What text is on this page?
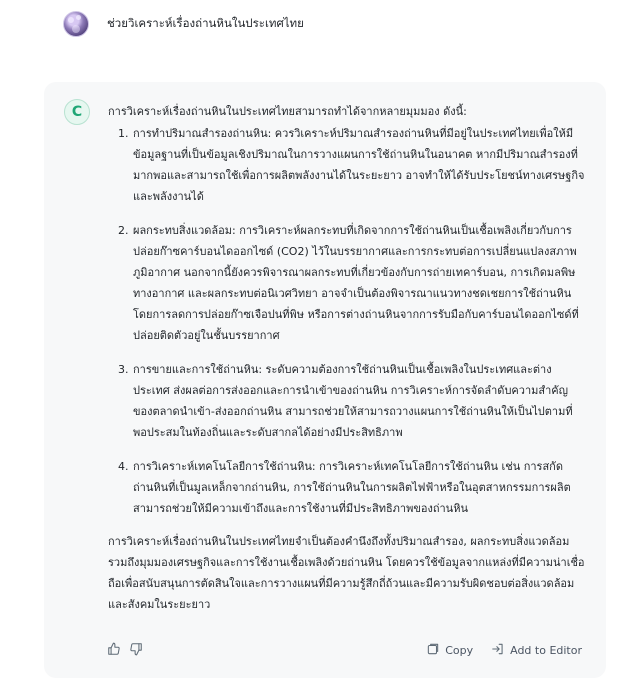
ช่วยวิเคราะห์เรื่องถ่านหินในประเทศไทย
C การวิเคราะห์เรื่องถ่านหินในประเทศไทยสามารถทำได้จากหลายมุมมอง ดังนี้:

1. การทำปริมาณสำรองถ่านหิน: ควรวิเคราะห์ปริมาณสำรองถ่านหินที่มีอยู่ในประเทศไทยเพื่อให้มีข้อมูลฐานที่เป็นข้อมูลเชิงปริมาณในการวางแผนการใช้ถ่านหินในอนาคต หากมีปริมาณสำรองที่มากพอและสามารถใช้เพื่อการผลิตพลังงานได้ในระยะยาว อาจทำให้ได้รับประโยชน์ทางเศรษฐกิจและพลังงานได้
2. ผลกระทบสิ่งแวดล้อม: การวิเคราะห์ผลกระทบที่เกิดจากการใช้ถ่านหินเป็นเชื้อเพลิงเกี่ยวกับการปล่อยก๊าซคาร์บอนไดออกไซด์ (CO2) ไว้ในบรรยากาศและการกระทบต่อการเปลี่ยนแปลงสภาพภูมิอากาศ นอกจากนี้ยังควรพิจารณาผลกระทบที่เกี่ยวข้องกับการถ่ายเทคาร์บอน, การเกิดมลพิษทางอากาศ และผลกระทบต่อนิเวศวิทยา อาจจำเป็นต้องพิจารณาแนวทางชดเชยการใช้ถ่านหินโดยการลดการปล่อยก๊าซเจือปนที่พิษ หรือการต่างถ่านหินจากการรับมือกับคาร์บอนไดออกไซด์ที่ปล่อยติดตัวอยู่ในชั้นบรรยากาศ
3. การขายและการใช้ถ่านหิน: ระดับความต้องการใช้ถ่านหินเป็นเชื้อเพลิงในประเทศและต่างประเทศ ส่งผลต่อการส่งออกและการนำเข้าของถ่านหิน การวิเคราะห์การจัดลำดับความสำคัญของตลาดนำเข้า-ส่งออกถ่านหิน สามารถช่วยให้สามารถวางแผนการใช้ถ่านหินให้เป็นไปตามที่พอประสมในท้องถิ่นและระดับสากลได้อย่างมีประสิทธิภาพ
4. การวิเคราะห์เทคโนโลยีการใช้ถ่านหิน: การวิเคราะห์เทคโนโลยีการใช้ถ่านหิน เช่น การสกัดถ่านหินที่เป็นมูลเหล็กจากถ่านหิน, การใช้ถ่านหินในการผลิตไฟฟ้าหรือในอุตสาหกรรมการผลิต สามารถช่วยให้มีความเข้าถึงและการใช้งานที่มีประสิทธิภาพของถ่านหิน

การวิเคราะห์เรื่องถ่านหินในประเทศไทยจำเป็นต้องคำนึงถึงทั้งปริมาณสำรอง, ผลกระทบสิ่งแวดล้อม รวมถึงมุมมองเศรษฐกิจและการใช้งานเชื้อเพลิงด้วยถ่านหิน โดยควรใช้ข้อมูลจากแหล่งที่มีความน่าเชื่อถือเพื่อสนับสนุนการตัดสินใจและการวางแผนที่มีความรู้สึกถี่ถ้วนและมีความรับผิดชอบต่อสิ่งแวดล้อมและสังคมในระยะยาว

Copy	Add to Editor
